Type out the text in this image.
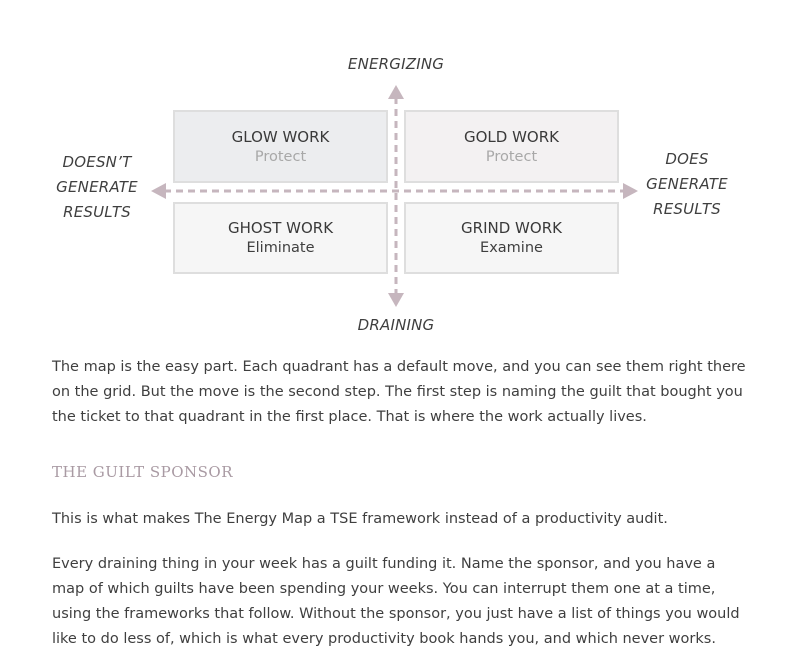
ENERGIZING
DRAINING
DOESN’T
GENERATE
RESULTS
DOES
GENERATE
RESULTS
GLOW WORK
Protect
GOLD WORK
Protect
GHOST WORK
Eliminate
GRIND WORK
Examine

The map is the easy part. Each quadrant has a default move, and you can see them right there on the grid. But the move is the second step. The first step is naming the guilt that bought you the ticket to that quadrant in the first place. That is where the work actually lives.

THE GUILT SPONSOR

This is what makes The Energy Map a TSE framework instead of a productivity audit.

Every draining thing in your week has a guilt funding it. Name the sponsor, and you have a map of which guilts have been spending your weeks. You can interrupt them one at a time, using the frameworks that follow. Without the sponsor, you just have a list of things you would like to do less of, which is what every productivity book hands you, and which never works.
